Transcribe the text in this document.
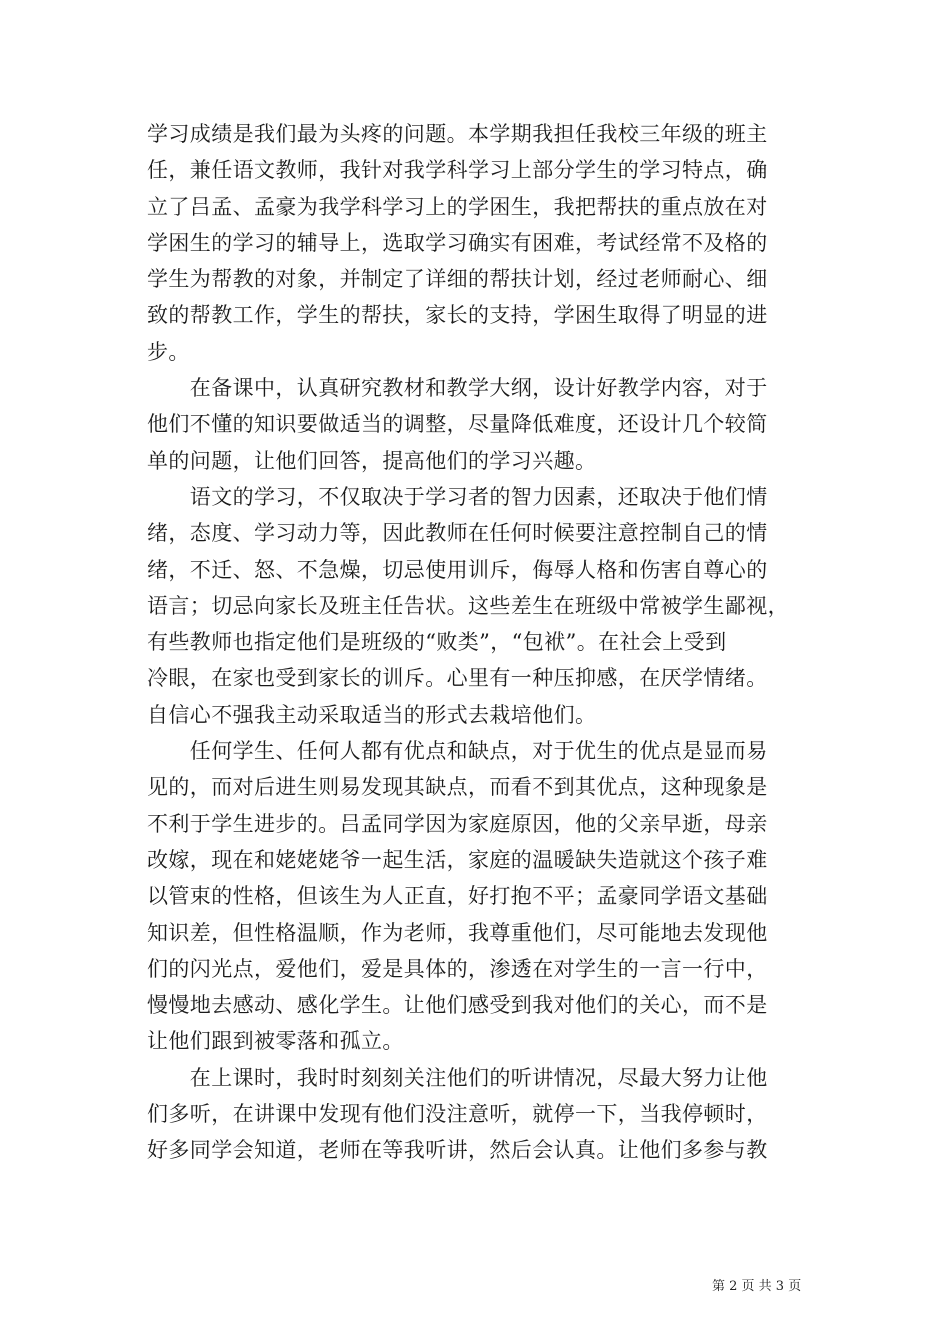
学习成绩是我们最为头疼的问题。本学期我担任我校三年级的班主
任，兼任语文教师，我针对我学科学习上部分学生的学习特点，确
立了吕孟、孟豪为我学科学习上的学困生，我把帮扶的重点放在对
学困生的学习的辅导上，选取学习确实有困难，考试经常不及格的
学生为帮教的对象，并制定了详细的帮扶计划，经过老师耐心、细
致的帮教工作，学生的帮扶，家长的支持，学困生取得了明显的进
步。
　　在备课中，认真研究教材和教学大纲，设计好教学内容，对于
他们不懂的知识要做适当的调整，尽量降低难度，还设计几个较简
单的问题，让他们回答，提高他们的学习兴趣。
　　语文的学习，不仅取决于学习者的智力因素，还取决于他们情
绪，态度、学习动力等，因此教师在任何时候要注意控制自己的情
绪，不迁、怒、不急燥，切忌使用训斥，侮辱人格和伤害自尊心的
语言；切忌向家长及班主任告状。这些差生在班级中常被学生鄙视，
有些教师也指定他们是班级的“败类”，“包袱”。在社会上受到
冷眼，在家也受到家长的训斥。心里有一种压抑感，在厌学情绪。
自信心不强我主动采取适当的形式去栽培他们。
　　任何学生、任何人都有优点和缺点，对于优生的优点是显而易
见的，而对后进生则易发现其缺点，而看不到其优点，这种现象是
不利于学生进步的。吕孟同学因为家庭原因，他的父亲早逝，母亲
改嫁，现在和姥姥姥爷一起生活，家庭的温暖缺失造就这个孩子难
以管束的性格，但该生为人正直，好打抱不平；孟豪同学语文基础
知识差，但性格温顺，作为老师，我尊重他们，尽可能地去发现他
们的闪光点，爱他们，爱是具体的，渗透在对学生的一言一行中，
慢慢地去感动、感化学生。让他们感受到我对他们的关心，而不是
让他们跟到被零落和孤立。
　　在上课时，我时时刻刻关注他们的听讲情况，尽最大努力让他
们多听，在讲课中发现有他们没注意听，就停一下，当我停顿时，
好多同学会知道，老师在等我听讲，然后会认真。让他们多参与教
第 2 页 共 3 页
